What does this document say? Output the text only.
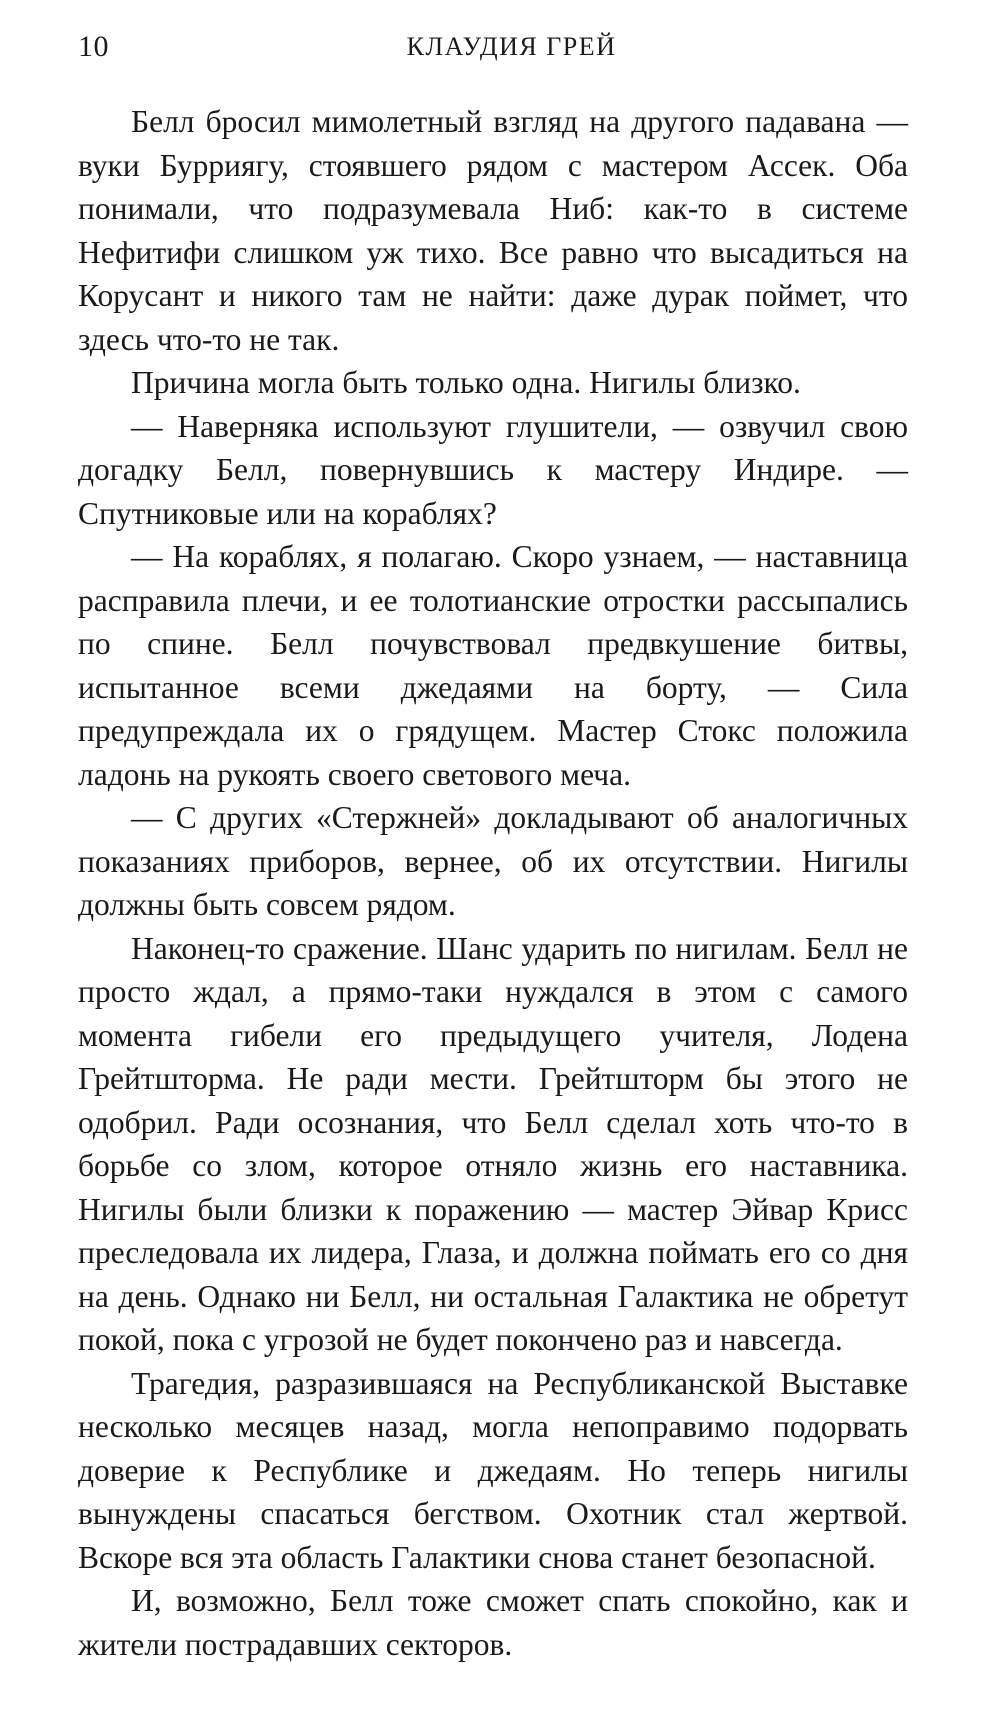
10	КЛАУДИЯ ГРЕЙ

Белл бросил мимолетный взгляд на другого падавана — вуки Бурриягу, стоявшего рядом с мастером Ассек. Оба понимали, что подразумевала Ниб: как-то в системе Нефитифи слишком уж тихо. Все равно что высадиться на Корусант и никого там не найти: даже дурак поймет, что здесь что-то не так.

Причина могла быть только одна. Нигилы близко.

— Наверняка используют глушители, — озвучил свою догадку Белл, повернувшись к мастеру Индире. — Спутниковые или на кораблях?

— На кораблях, я полагаю. Скоро узнаем, — наставница расправила плечи, и ее толотианские отростки рассыпались по спине. Белл почувствовал предвкушение битвы, испытанное всеми джедаями на борту, — Сила предупреждала их о грядущем. Мастер Стокс положила ладонь на рукоять своего светового меча.

— С других «Стержней» докладывают об аналогичных показаниях приборов, вернее, об их отсутствии. Нигилы должны быть совсем рядом.

Наконец-то сражение. Шанс ударить по нигилам. Белл не просто ждал, а прямо-таки нуждался в этом с самого момента гибели его предыдущего учителя, Лодена Грейтшторма. Не ради мести. Грейтшторм бы этого не одобрил. Ради осознания, что Белл сделал хоть что-то в борьбе со злом, которое отняло жизнь его наставника. Нигилы были близки к поражению — мастер Эйвар Крисс преследовала их лидера, Глаза, и должна поймать его со дня на день. Однако ни Белл, ни остальная Галактика не обретут покой, пока с угрозой не будет покончено раз и навсегда.

Трагедия, разразившаяся на Республиканской Выставке несколько месяцев назад, могла непоправимо подорвать доверие к Республике и джедаям. Но теперь нигилы вынуждены спасаться бегством. Охотник стал жертвой. Вскоре вся эта область Галактики снова станет безопасной.

И, возможно, Белл тоже сможет спать спокойно, как и жители пострадавших секторов.
